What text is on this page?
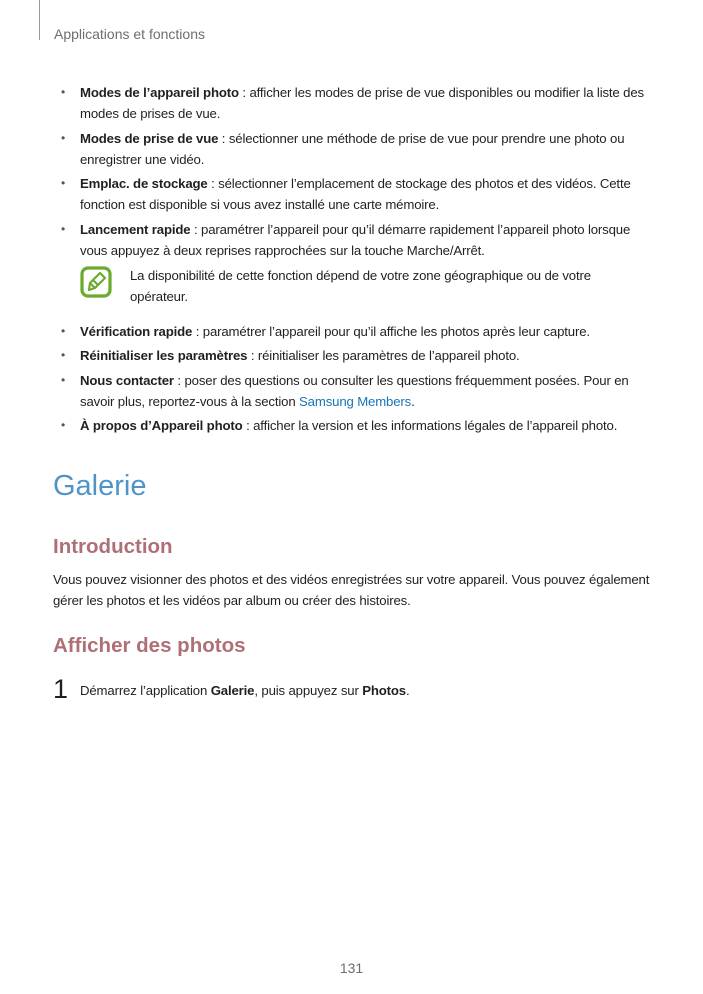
Applications et fonctions
• Modes de l’appareil photo : afficher les modes de prise de vue disponibles ou modifier la liste des modes de prises de vue.
• Modes de prise de vue : sélectionner une méthode de prise de vue pour prendre une photo ou enregistrer une vidéo.
• Emplac. de stockage : sélectionner l’emplacement de stockage des photos et des vidéos. Cette fonction est disponible si vous avez installé une carte mémoire.
• Lancement rapide : paramétrer l’appareil pour qu’il démarre rapidement l’appareil photo lorsque vous appuyez à deux reprises rapprochées sur la touche Marche/Arrêt.
La disponibilité de cette fonction dépend de votre zone géographique ou de votre opérateur.
• Vérification rapide : paramétrer l’appareil pour qu’il affiche les photos après leur capture.
• Réinitialiser les paramètres : réinitialiser les paramètres de l’appareil photo.
• Nous contacter : poser des questions ou consulter les questions fréquemment posées. Pour en savoir plus, reportez-vous à la section Samsung Members.
• À propos d’Appareil photo : afficher la version et les informations légales de l’appareil photo.
Galerie
Introduction
Vous pouvez visionner des photos et des vidéos enregistrées sur votre appareil. Vous pouvez également gérer les photos et les vidéos par album ou créer des histoires.
Afficher des photos
1 Démarrez l’application Galerie, puis appuyez sur Photos.
131
